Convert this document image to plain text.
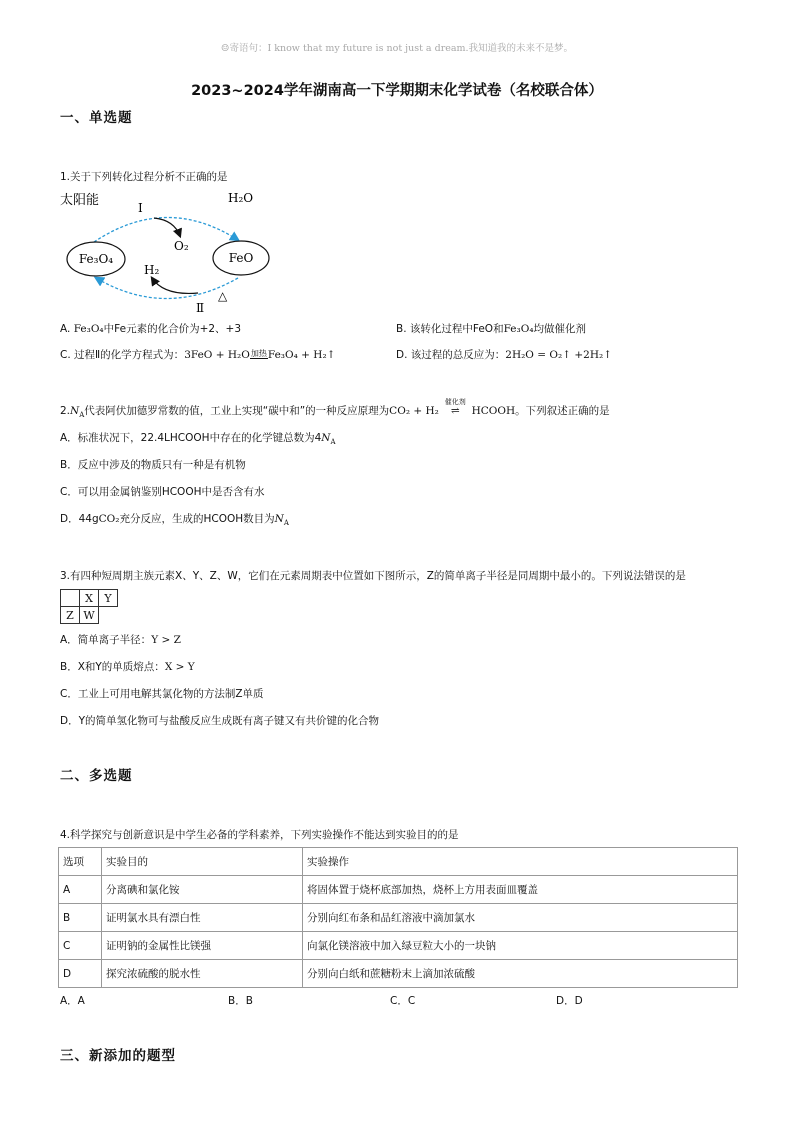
☺寄语句：I know that my future is not just a dream.我知道我的未来不是梦。
2023~2024学年湖南高一下学期期末化学试卷（名校联合体）
一、单选题
1.关于下列转化过程分析不正确的是
太阳能	H₂O
Ⅰ
O₂
Fe₃O₄	FeO
H₂
Ⅱ
△
A. Fe₃O₄中Fe元素的化合价为+2、+3	B. 该转化过程中FeO和Fe₃O₄均做催化剂
C. 过程Ⅱ的化学方程式为：3FeO + H₂O加热Fe₃O₄ + H₂↑	D. 该过程的总反应为：2H₂O = O₂↑ +2H₂↑
$2.N_A$代表阿伏加德罗常数的值，工业上实现“碳中和”的一种反应原理为CO₂ + H₂
催化剂
⇌ HCOOH。下列叙述正确的是
A．标准状况下，22.4LHCOOH中存在的化学键总数为$4N_A$
B．反应中涉及的物质只有一种是有机物
C．可以用金属钠鉴别HCOOH中是否含有水
D．44gCO₂充分反应，生成的HCOOH数目为$N_A$
3.有四种短周期主族元素X、Y、Z、W，它们在元素周期表中位置如下图所示，Z的简单离子半径是同周期中最小的。下列说法错误的是
	X	Y
Z	W	
A．简单离子半径：Y > Z
B．X和Y的单质熔点：X > Y
C．工业上可用电解其氯化物的方法制Z单质
D．Y的简单氢化物可与盐酸反应生成既有离子键又有共价键的化合物
二、多选题
4.科学探究与创新意识是中学生必备的学科素养，下列实验操作不能达到实验目的的是
选项	实验目的	实验操作
A	分离碘和氯化铵	将固体置于烧杯底部加热，烧杯上方用表面皿覆盖
B	证明氯水具有漂白性	分别向红布条和品红溶液中滴加氯水
C	证明钠的金属性比镁强	向氯化镁溶液中加入绿豆粒大小的一块钠
D	探究浓硫酸的脱水性	分别向白纸和蔗糖粉末上滴加浓硫酸
A．A	B．B	C．C	D．D
三、新添加的题型
